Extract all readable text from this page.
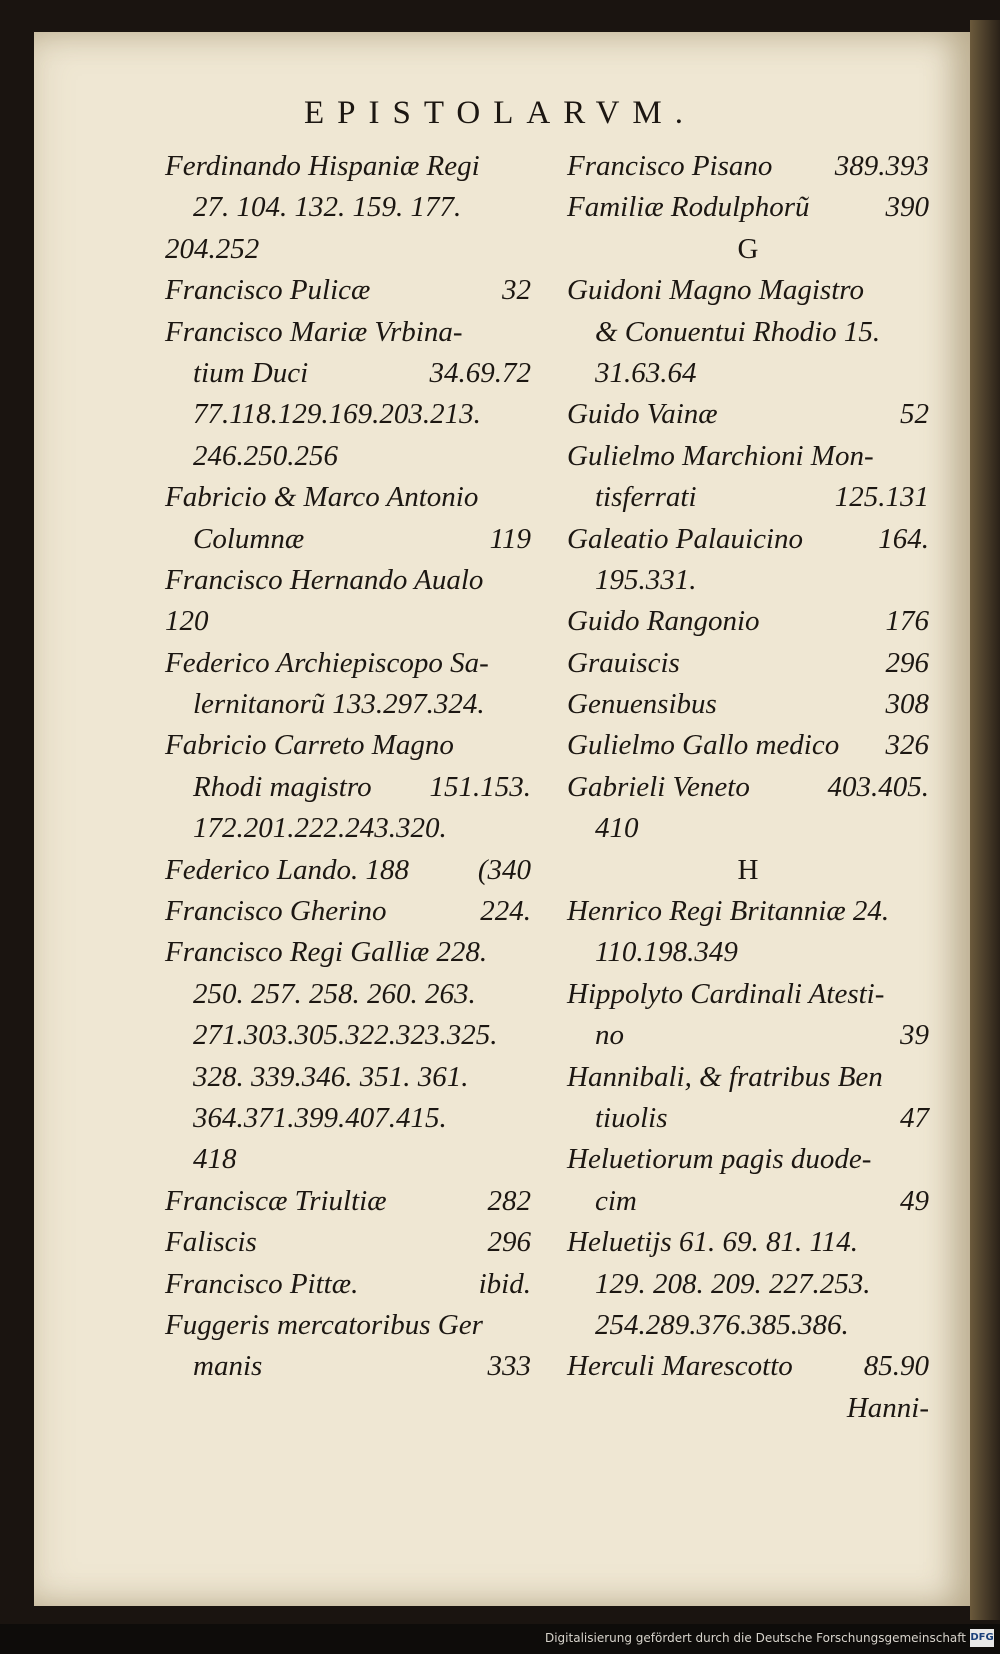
EPISTOLARVM.
Ferdinando Hispaniæ Regi
27. 104. 132. 159. 177.
204.252
Francisco Pulicæ	32
Francisco Mariæ Vrbina-
tium Duci	34.69.72
77.118.129.169.203.213.
246.250.256
Fabricio & Marco Antonio
Columnæ	119
Francisco Hernando Aualo
120
Federico Archiepiscopo Sa-
lernitanorũ 133.297.324.
Fabricio Carreto Magno
Rhodi magistro 151.153.
172.201.222.243.320.
Federico Lando. 188 (340
Francisco Gherino	224.
Francisco Regi Galliæ 228.
250. 257. 258. 260. 263.
271.303.305.322.323.325.
328. 339.346. 351. 361.
364.371.399.407.415.
418
Franciscæ Triultiæ	282
Faliscis	296
Francisco Pittæ.	ibid.
Fuggeris mercatoribus Ger
manis	333
Francisco Pisano 389.393
Familiæ Rodulphorũ	390
G
Guidoni Magno Magistro
& Conuentui Rhodio 15.
31.63.64
Guido Vainæ	52
Gulielmo Marchioni Mon-
tisferrati	125.131
Galeatio Palauicino	164.
195.331.
Guido Rangonio	176
Grauiscis	296
Genuensibus	308
Gulielmo Gallo medico 326
Gabrieli Veneto	403.405.
410
H
Henrico Regi Britanniæ 24.
110.198.349
Hippolyto Cardinali Atesti-
no	39
Hannibali, & fratribus Ben
tiuolis	47
Heluetiorum pagis duode-
cim	49
Heluetijs 61. 69. 81. 114.
129. 208. 209. 227.253.
254.289.376.385.386.
Herculi Marescotto 85.90
Hanni-
Digitalisierung gefördert durch die Deutsche Forschungsgemeinschaft DFG
